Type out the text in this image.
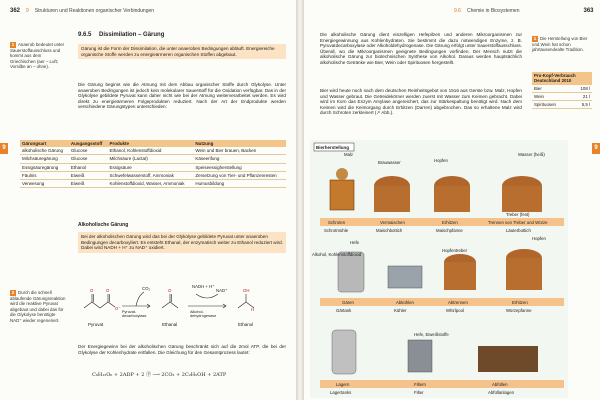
362 9 Strukturen und Reaktionen organischer Verbindungen
9
1 Anaerob bedeutet unter Sauerstoffausschluss und kommt aus dem Griechischen (aer – Luft; Vorsilbe an – ohne).
2 Durch die schnell ablaufende Gärungsreaktion wird die reaktive Pyruvat abgebaut und dabei das für die Glykolyse benötigte NAD⁺ wieder regeneriert.
9.6.5 Dissimilation – Gärung
Gärung ist die Form der Dissimilation, die unter anaeroben Bedingungen abläuft. Energiereiche organische Stoffe werden zu energieärmeren organischen Stoffen abgebaut.
Die Gärung beginnt wie die Atmung mit dem Abbau organischer Stoffe durch Glykolyse. Unter anaeroben Bedingungen ist jedoch kein molekularer Sauerstoff für die Oxidation verfügbar. Das in der Glykolyse gebildete Pyruvat kann daher nicht wie bei der Atmung weiterverarbeitet werden. Es wird direkt zu energieärmeren Folgeprodukten reduziert. Nach der Art der Endprodukte werden verschiedene Gärungstypen unterschieden:
Gärungsart	Ausgangsstoff	Produkte	Nutzung
alkoholische Gärung	Glucose	Ethanol, Kohlenstoffdioxid	Wein und Bier brauen, Backen
Milchsäuregärung	Glucose	Milchsäure (Lactat)	Käseerifung
Essigsäuregärung	Ethanol	Essigsäure	Speiseessigherstellung
Fäulnis	Eiweiß	Schwefelwasserstoff, Ammoniak	Zersetzung von Tier- und Pflanzenresten
Verwesung	Eiweiß	Kohlenstoffdioxid, Wasser, Ammoniak	Humusbildung
Alkoholische Gärung
Bei der alkoholischen Gärung wird das bei der Glykolyse gebildete Pyruvat unter anaeroben Bedingungen decarboxyliert. Es entsteht Ethanal, der enzymatisch weiter zu Ethanol reduziert wird. Dabei wird NADH + H⁺ zu NAD⁺ oxidiert.
O	O
O⁻
O
H
OH
Pyruvat
Pyruvat-decarboxylase
CO₂
Ethanal
NADH + H⁺
NAD⁺
Alkohol-dehydrogenase
Ethanol
Der Energiegewinn bei der alkoholischen Gärung beschränkt sich auf die 2mol ATP, die bei der Glykolyse der Kohlenhydrate entfallen. Die Gleichung für den Gesamtprozess lautet:
C₆H₁₂O₆ + 2ADP + 2 Ⓟ ⟶ 2CO₂ + 2C₂H₅OH + 2ATP
9.6 Chemie in Biosystemen	363
9
Die alkoholische Gärung dient einzelligen Hefepilzen und anderen Mikroorganismen zur Energiegewinnung aus Kohlenhydraten. Sie bestimmt die dazu notwendigen Enzyme, z. B. Pyruvatdecarboxylase oder Alkoholdehydrogenase. Die Gärung erfolgt unter Sauerstoffausschluss. Überall, wo die Mikroorganismen geeignete Bedingungen vorfinden. Der Mensch nutzt die alkoholische Gärung zur biotechnischen Synthese von Alkohol. Daraus werden hauptsächlich alkoholische Getränke wie Bier, Wein oder Spirituosen hergestellt.
Bier wird heute noch nach dem deutschen Reinheitsgebot von 1516 aus Gerste bzw. Malz, Hopfen und Wasser gebraut. Die Getreidekörner werden zuerst mit Wasser zum Keimen gebracht. Dabei wird im Korn das Enzym Amylase angereichert, das zur Stärkespaltung benötigt wird. Nach dem Keimen wird die Keimorgang durch Erhitzen (Darren) abgebrochen. Das so erhaltene Malz wird durch Schroten zerkleinert (↗ Abb.).
1 Die Herstellung von Bier und Wein hat schon jahrtausendealte Tradition.
Pro-Kopf-Verbrauch Deutschland 2010
Bier	108 l
Wein	21 l
Spirituosen	5,5 l
Bierherstellung
Malz
Brauwasser	Hopfen
Wasser (heiß)
Treber (fest)
Schrotmühle	Maischbottich	Maischpfanne	Läuterbottich
Schroten	Vermaischen	Erhitzen	Trennen von Treber und Würze
Hefe
Alkohol, Kohlenstoffdioxid
Hopfen
Hopfentreber
Gärtank	Kühler	Whirlpool	Würzepfanne
Gären	Abkühlen	Abtrennen	Erhitzen
Hefe, Eiweißstoffe
Lagertanks	Filter	Abfüllanlagen
Lagern	Filtern	Abfüllen
